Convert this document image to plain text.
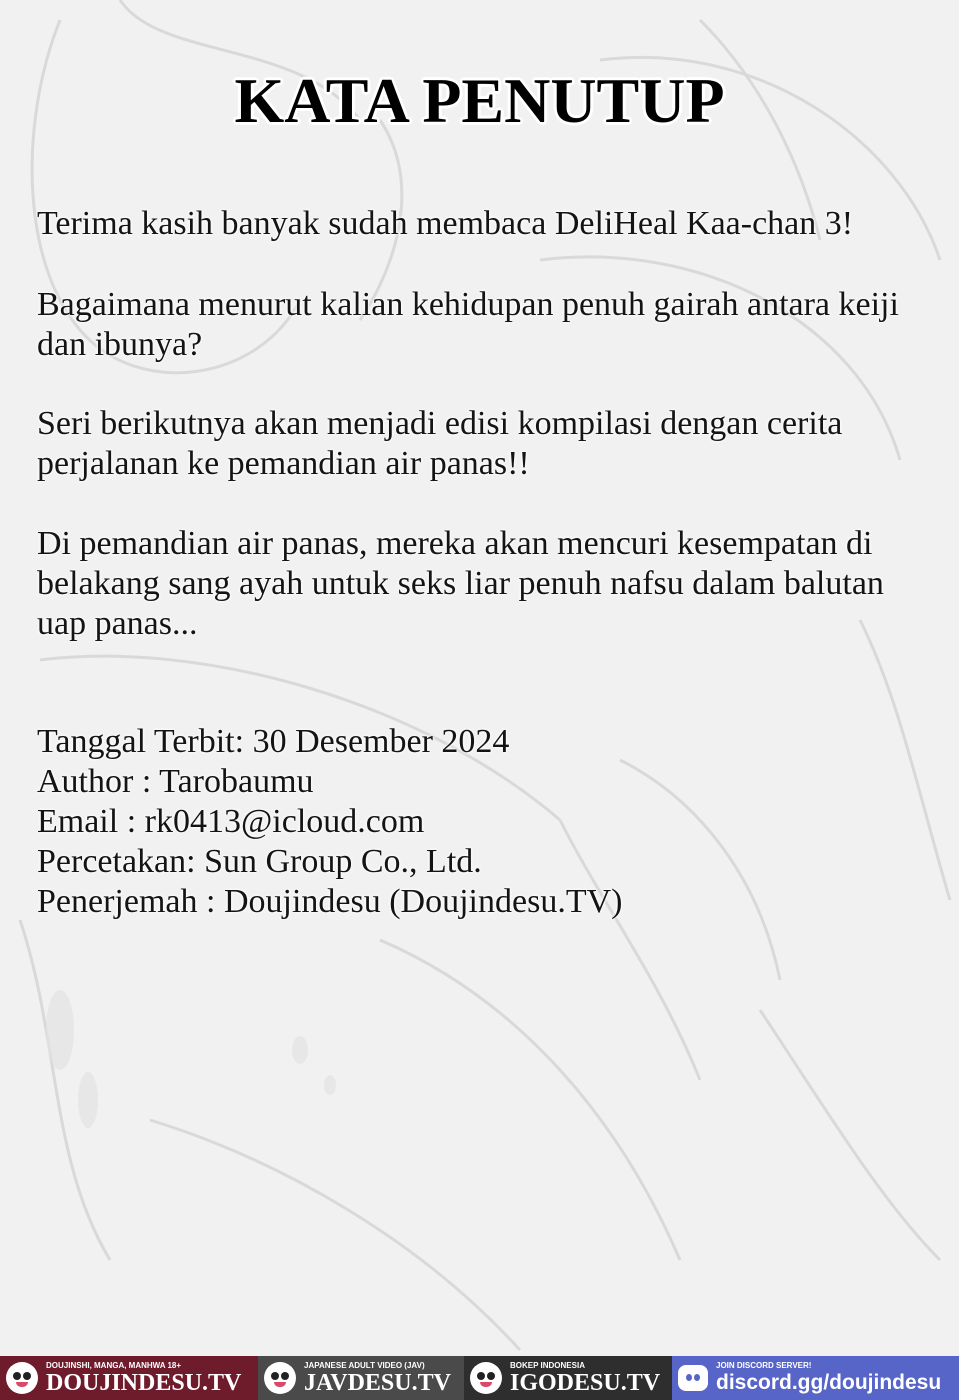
KATA PENUTUP
Terima kasih banyak sudah membaca DeliHeal Kaa-chan 3!
Bagaimana menurut kalian kehidupan penuh gairah antara keiji dan ibunya?
Seri berikutnya akan menjadi edisi kompilasi dengan cerita perjalanan ke pemandian air panas!!
Di pemandian air panas, mereka akan mencuri kesempatan di belakang sang ayah untuk seks liar penuh nafsu dalam balutan uap panas...
Tanggal Terbit: 30 Desember 2024
Author : Tarobaumu
Email : rk0413@icloud.com
Percetakan: Sun Group Co., Ltd.
Penerjemah : Doujindesu (Doujindesu.TV)
DOUJINSHI, MANGA, MANHWA 18+
DOUJINDESU.TV
JAPANESE ADULT VIDEO (JAV)
JAVDESU.TV
BOKEP INDONESIA
IGODESU.TV
JOIN DISCORD SERVER!
discord.gg/doujindesu
